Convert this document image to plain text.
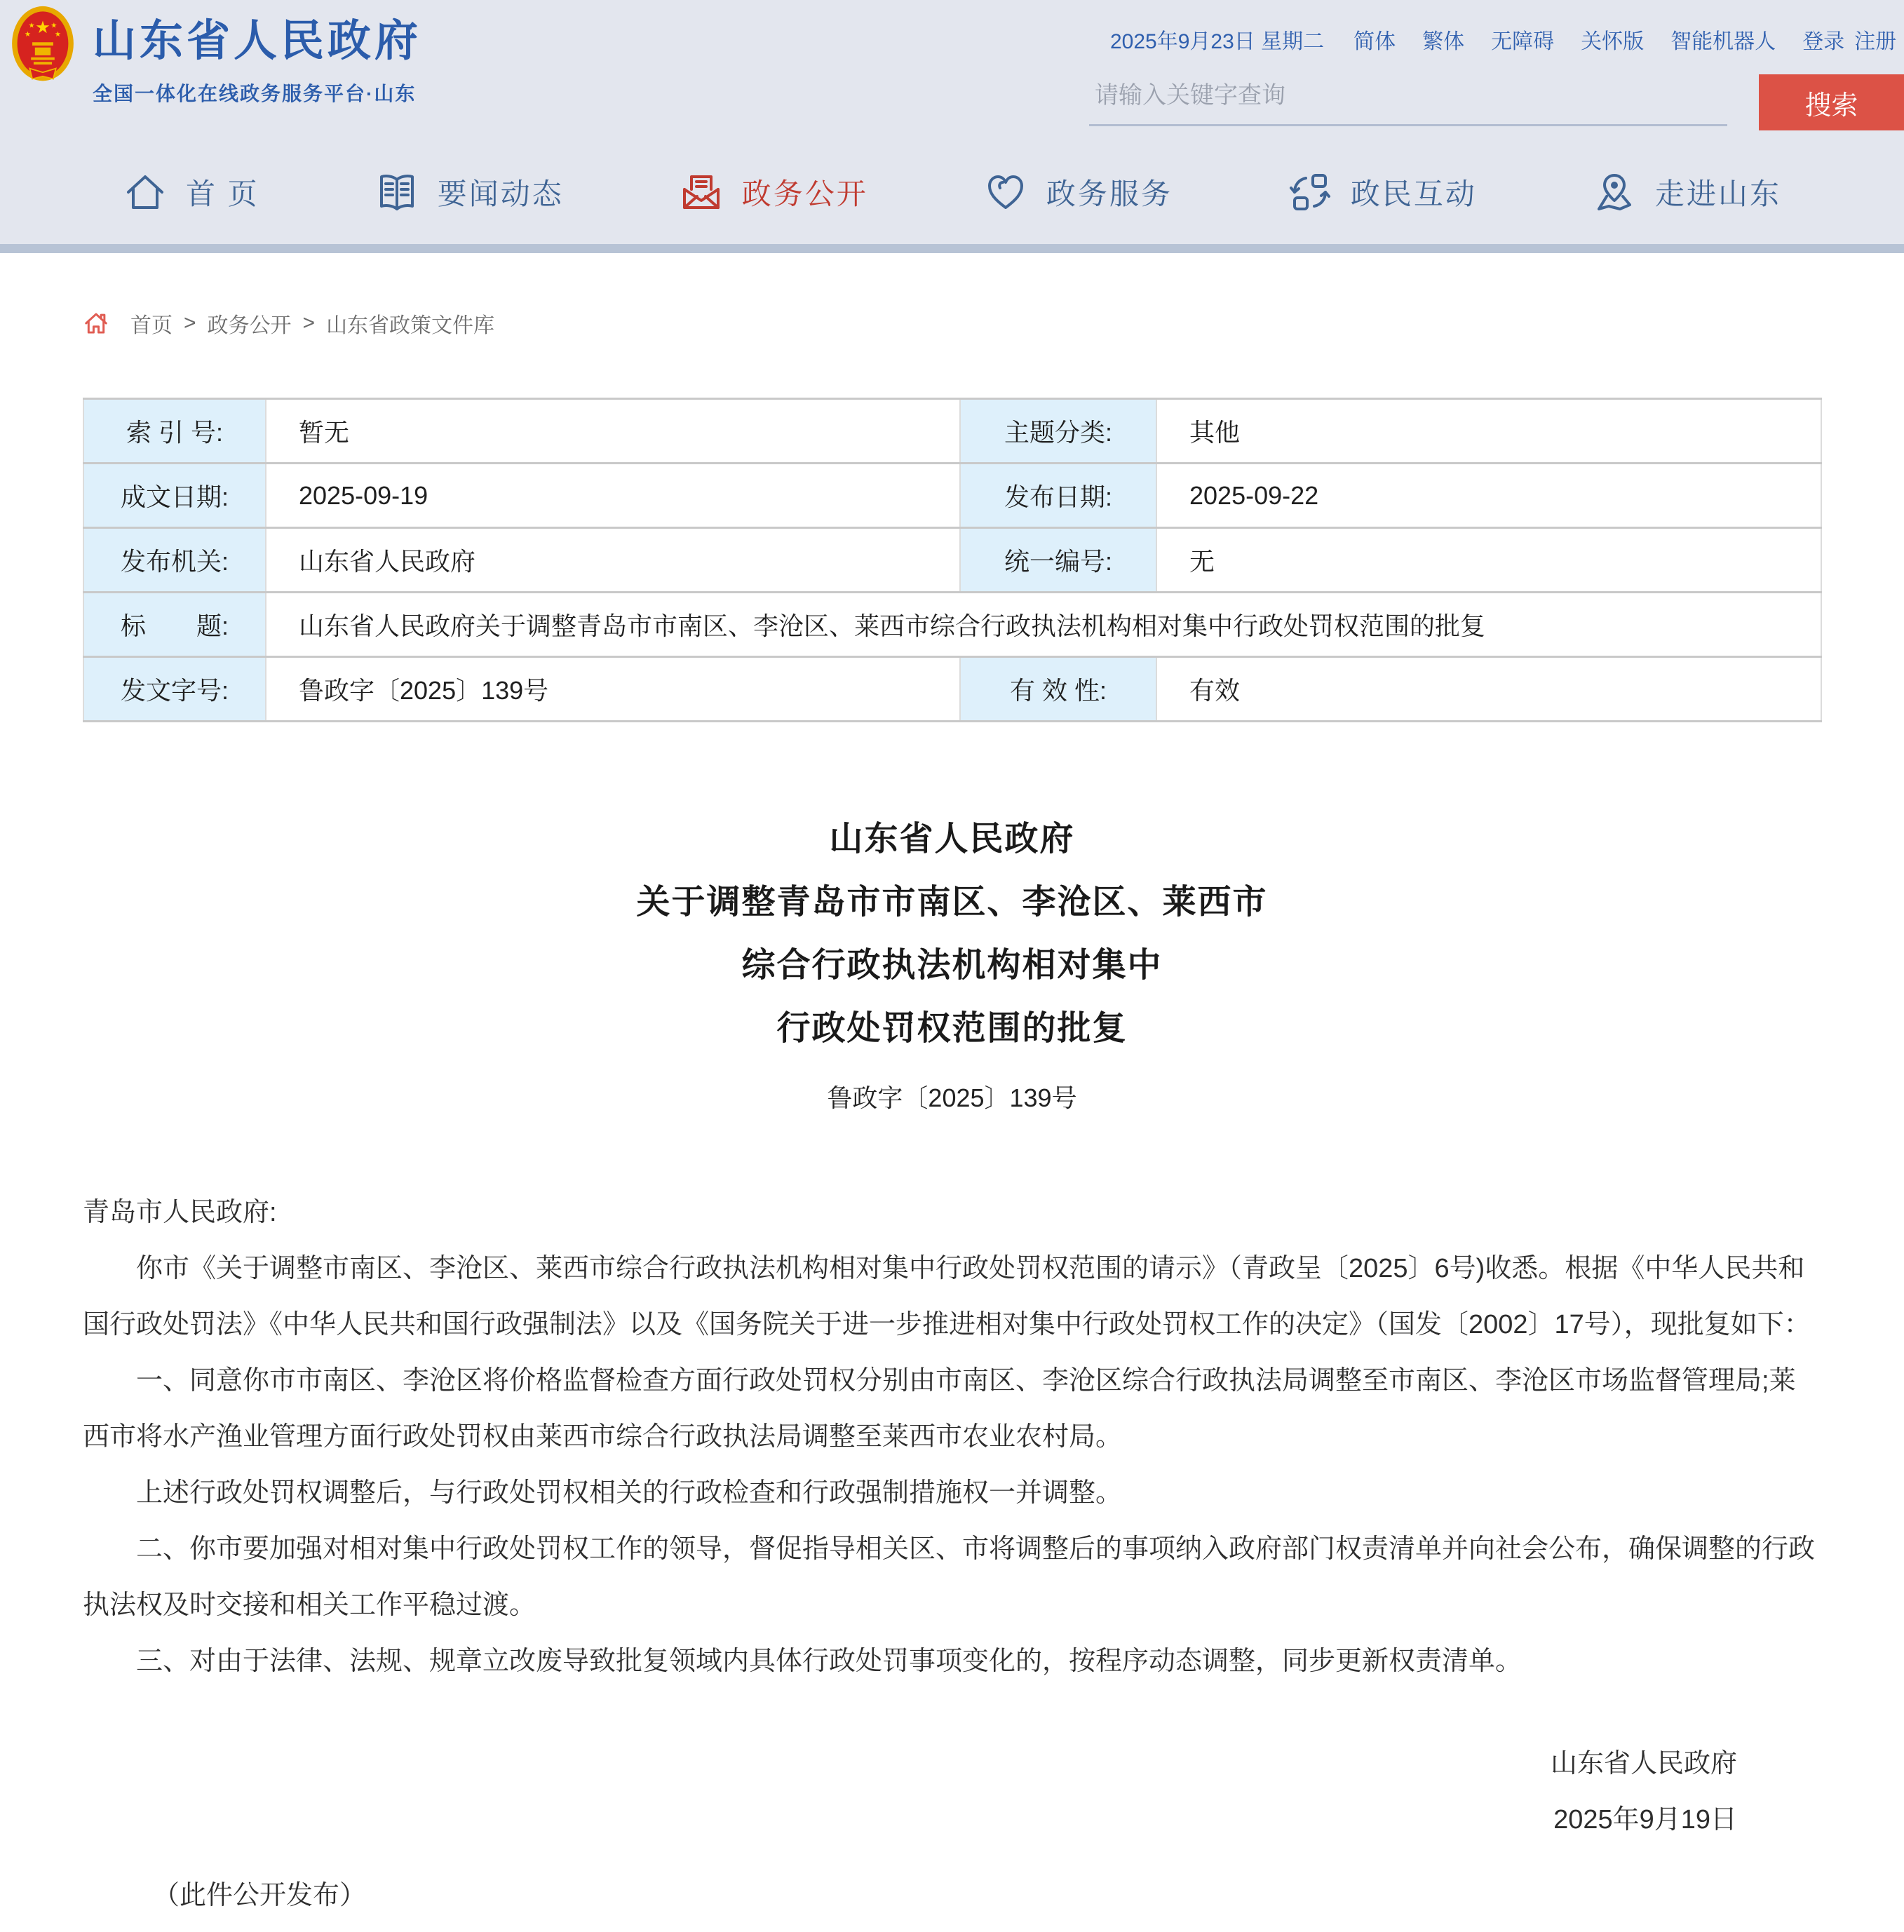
★
★ ★
★	★ 山东省人民政府
全国一体化在线政务服务平台·山东
2025年9月23日 星期二 简体 繁体 无障碍 关怀版 智能机器人 登录 注册
请输入关键字查询
搜索
首 页	要闻动态	政务公开	政务服务	政民互动	走进山东
首页 > 政务公开 > 山东省政策文件库
索 引 号:	暂无	主题分类:	其他
成文日期:	2025-09-19	发布日期:	2025-09-22
发布机关:	山东省人民政府	统一编号:	无
标　　题:	山东省人民政府关于调整青岛市市南区、李沧区、莱西市综合行政执法机构相对集中行政处罚权范围的批复		
发文字号:	鲁政字〔2025〕139号	有 效 性:	有效
山东省人民政府
关于调整青岛市市南区、李沧区、莱西市
综合行政执法机构相对集中
行政处罚权范围的批复
鲁政字〔2025〕139号

青岛市人民政府:

你市《关于调整市南区、李沧区、莱西市综合行政执法机构相对集中行政处罚权范围的请示》（青政呈〔2025〕6号)收悉。根据《中华人民共和国行政处罚法》《中华人民共和国行政强制法》以及《国务院关于进一步推进相对集中行政处罚权工作的决定》（国发〔2002〕17号），现批复如下：

一、同意你市市南区、李沧区将价格监督检查方面行政处罚权分别由市南区、李沧区综合行政执法局调整至市南区、李沧区市场监督管理局;莱西市将水产渔业管理方面行政处罚权由莱西市综合行政执法局调整至莱西市农业农村局。

上述行政处罚权调整后，与行政处罚权相关的行政检查和行政强制措施权一并调整。

二、你市要加强对相对集中行政处罚权工作的领导，督促指导相关区、市将调整后的事项纳入政府部门权责清单并向社会公布，确保调整的行政执法权及时交接和相关工作平稳过渡。

三、对由于法律、法规、规章立改废导致批复领域内具体行政处罚事项变化的，按程序动态调整，同步更新权责清单。

山东省人民政府
2025年9月19日
（此件公开发布）
